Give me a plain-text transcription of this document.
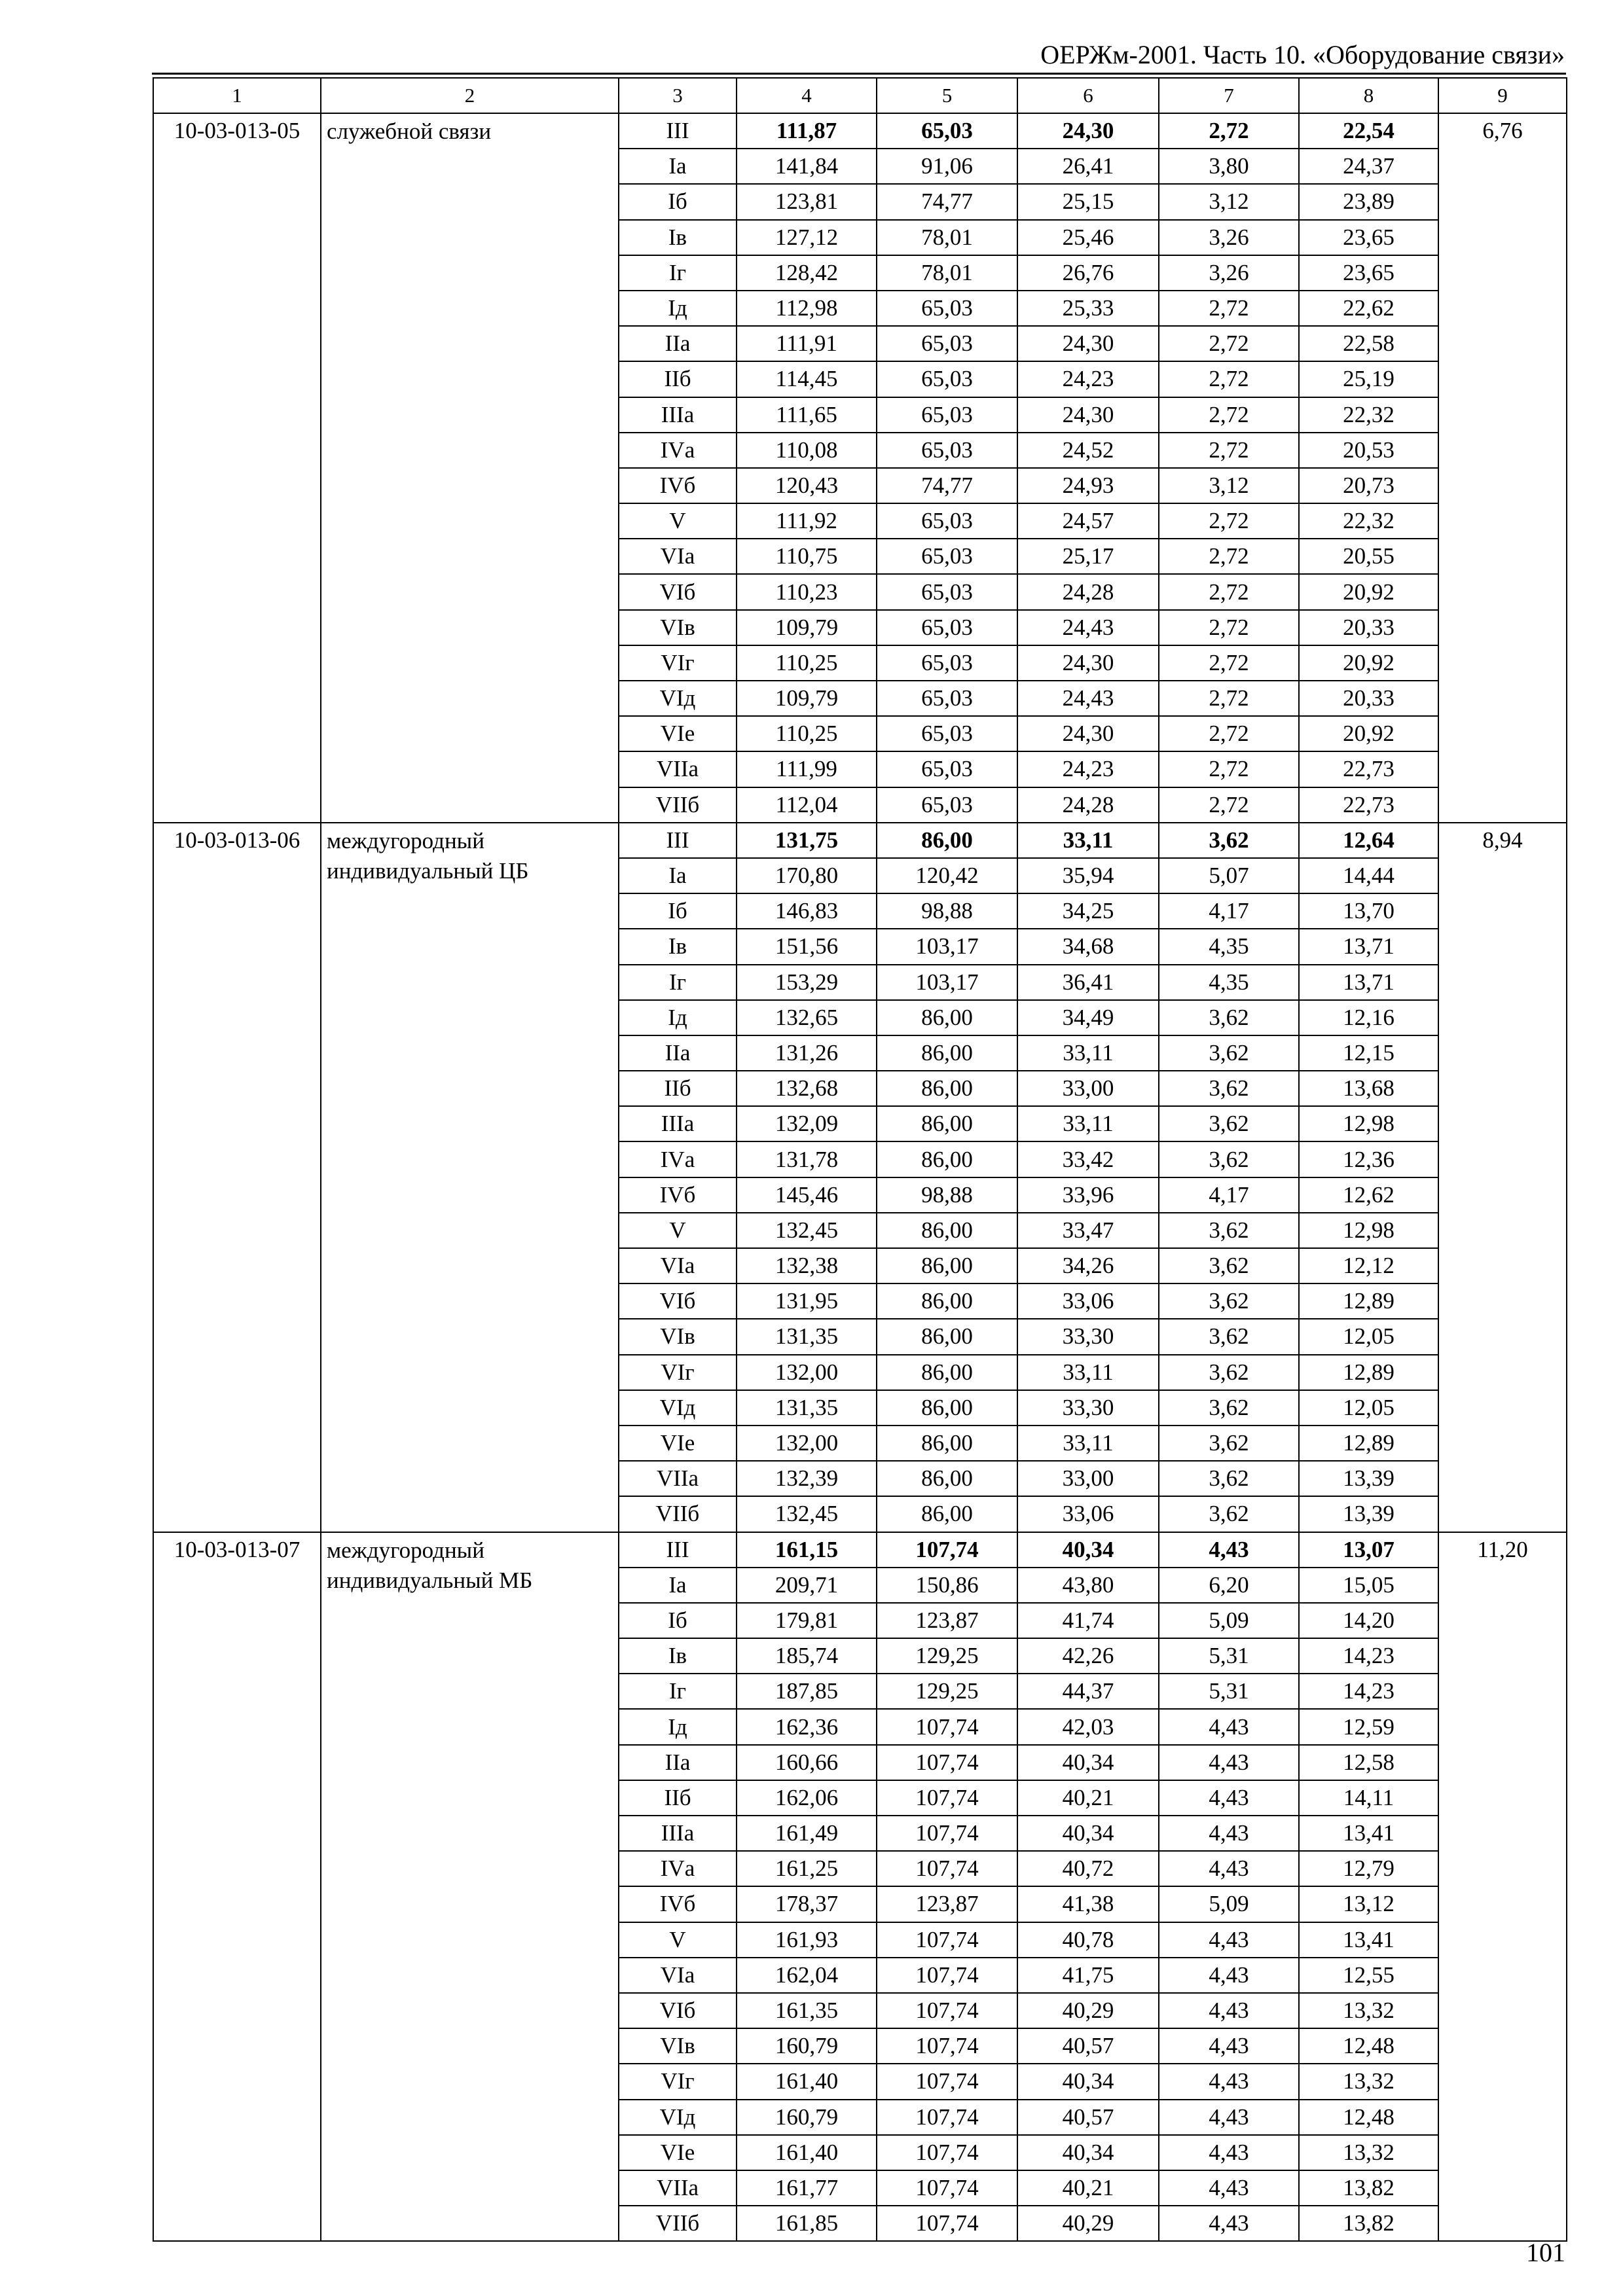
ОЕРЖм-2001. Часть 10. «Оборудование связи»
1	2	3	4	5	6	7	8	9
10-03-013-05	служебной связи	III	111,87	65,03	24,30	2,72	22,54	6,76
		Iа	141,84	91,06	26,41	3,80	24,37	
		Iб	123,81	74,77	25,15	3,12	23,89	
		Iв	127,12	78,01	25,46	3,26	23,65	
		Iг	128,42	78,01	26,76	3,26	23,65	
		Iд	112,98	65,03	25,33	2,72	22,62	
		IIа	111,91	65,03	24,30	2,72	22,58	
		IIб	114,45	65,03	24,23	2,72	25,19	
		IIIа	111,65	65,03	24,30	2,72	22,32	
		IVа	110,08	65,03	24,52	2,72	20,53	
		IVб	120,43	74,77	24,93	3,12	20,73	
		V	111,92	65,03	24,57	2,72	22,32	
		VIа	110,75	65,03	25,17	2,72	20,55	
		VIб	110,23	65,03	24,28	2,72	20,92	
		VIв	109,79	65,03	24,43	2,72	20,33	
		VIг	110,25	65,03	24,30	2,72	20,92	
		VIд	109,79	65,03	24,43	2,72	20,33	
		VIе	110,25	65,03	24,30	2,72	20,92	
		VIIа	111,99	65,03	24,23	2,72	22,73	
		VIIб	112,04	65,03	24,28	2,72	22,73	
10-03-013-06	междугородный индивидуальный ЦБ	III	131,75	86,00	33,11	3,62	12,64	8,94
		Iа	170,80	120,42	35,94	5,07	14,44	
		Iб	146,83	98,88	34,25	4,17	13,70	
		Iв	151,56	103,17	34,68	4,35	13,71	
		Iг	153,29	103,17	36,41	4,35	13,71	
		Iд	132,65	86,00	34,49	3,62	12,16	
		IIа	131,26	86,00	33,11	3,62	12,15	
		IIб	132,68	86,00	33,00	3,62	13,68	
		IIIа	132,09	86,00	33,11	3,62	12,98	
		IVа	131,78	86,00	33,42	3,62	12,36	
		IVб	145,46	98,88	33,96	4,17	12,62	
		V	132,45	86,00	33,47	3,62	12,98	
		VIа	132,38	86,00	34,26	3,62	12,12	
		VIб	131,95	86,00	33,06	3,62	12,89	
		VIв	131,35	86,00	33,30	3,62	12,05	
		VIг	132,00	86,00	33,11	3,62	12,89	
		VIд	131,35	86,00	33,30	3,62	12,05	
		VIе	132,00	86,00	33,11	3,62	12,89	
		VIIа	132,39	86,00	33,00	3,62	13,39	
		VIIб	132,45	86,00	33,06	3,62	13,39	
10-03-013-07	междугородный индивидуальный МБ	III	161,15	107,74	40,34	4,43	13,07	11,20
		Iа	209,71	150,86	43,80	6,20	15,05	
		Iб	179,81	123,87	41,74	5,09	14,20	
		Iв	185,74	129,25	42,26	5,31	14,23	
		Iг	187,85	129,25	44,37	5,31	14,23	
		Iд	162,36	107,74	42,03	4,43	12,59	
		IIа	160,66	107,74	40,34	4,43	12,58	
		IIб	162,06	107,74	40,21	4,43	14,11	
		IIIа	161,49	107,74	40,34	4,43	13,41	
		IVа	161,25	107,74	40,72	4,43	12,79	
		IVб	178,37	123,87	41,38	5,09	13,12	
		V	161,93	107,74	40,78	4,43	13,41	
		VIа	162,04	107,74	41,75	4,43	12,55	
		VIб	161,35	107,74	40,29	4,43	13,32	
		VIв	160,79	107,74	40,57	4,43	12,48	
		VIг	161,40	107,74	40,34	4,43	13,32	
		VIд	160,79	107,74	40,57	4,43	12,48	
		VIе	161,40	107,74	40,34	4,43	13,32	
		VIIа	161,77	107,74	40,21	4,43	13,82	
		VIIб	161,85	107,74	40,29	4,43	13,82	
101
